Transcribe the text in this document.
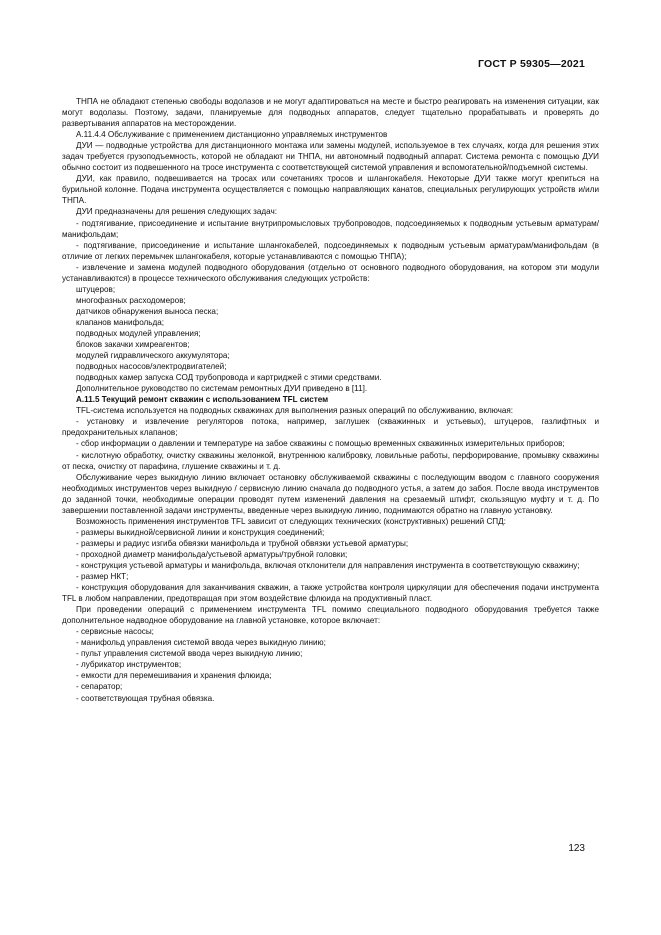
ГОСТ Р 59305—2021

ТНПА не обладают степенью свободы водолазов и не могут адаптироваться на месте и быстро реагировать на изменения ситуации, как могут водолазы. Поэтому, задачи, планируемые для подводных аппаратов, следует тщательно прорабатывать и проверять до развертывания аппаратов на месторождении.

А.11.4.4 Обслуживание с применением дистанционно управляемых инструментов

ДУИ — подводные устройства для дистанционного монтажа или замены модулей, используемое в тех случаях, когда для решения этих задач требуется грузоподъемность, которой не обладают ни ТНПА, ни автономный подводный аппарат. Система ремонта с помощью ДУИ обычно состоит из подвешенного на тросе инструмента с соответствующей системой управления и вспомогательной/подъемной системы.

ДУИ, как правило, подвешивается на тросах или сочетаниях тросов и шлангокабеля. Некоторые ДУИ также могут крепиться на бурильной колонне. Подача инструмента осуществляется с помощью направляющих канатов, специальных регулирующих устройств и/или ТНПА.

ДУИ предназначены для решения следующих задач:

- подтягивание, присоединение и испытание внутрипромысловых трубопроводов, подсоединяемых к подводным устьевым арматурам/манифольдам;

- подтягивание, присоединение и испытание шлангокабелей, подсоединяемых к подводным устьевым арматурам/манифольдам (в отличие от легких перемычек шлангокабеля, которые устанавливаются с помощью ТНПА);

- извлечение и замена модулей подводного оборудования (отдельно от основного подводного оборудования, на котором эти модули устанавливаются) в процессе технического обслуживания следующих устройств:

штуцеров;

многофазных расходомеров;

датчиков обнаружения выноса песка;

клапанов манифольда;

подводных модулей управления;

блоков закачки химреагентов;

модулей гидравлического аккумулятора;

подводных насосов/электродвигателей;

подводных камер запуска СОД трубопровода и картриджей с этими средствами.

Дополнительное руководство по системам ремонтных ДУИ приведено в [11].

А.11.5 Текущий ремонт скважин с использованием TFL систем

TFL-система используется на подводных скважинах для выполнения разных операций по обслуживанию, включая:

- установку и извлечение регуляторов потока, например, заглушек (скважинных и устьевых), штуцеров, газлифтных и предохранительных клапанов;

- сбор информации о давлении и температуре на забое скважины с помощью временных скважинных измерительных приборов;

- кислотную обработку, очистку скважины желонкой, внутреннюю калибровку, ловильные работы, перфорирование, промывку скважины от песка, очистку от парафина, глушение скважины и т. д.

Обслуживание через выкидную линию включает остановку обслуживаемой скважины с последующим вводом с главного сооружения необходимых инструментов через выкидную / сервисную линию сначала до подводного устья, а затем до забоя. После ввода инструментов до заданной точки, необходимые операции проводят путем изменений давления на срезаемый штифт, скользящую муфту и т. д. По завершении поставленной задачи инструменты, введенные через выкидную линию, поднимаются обратно на главную установку.

Возможность применения инструментов TFL зависит от следующих технических (конструктивных) решений СПД:

- размеры выкидной/сервисной линии и конструкция соединений;

- размеры и радиус изгиба обвязки манифольда и трубной обвязки устьевой арматуры;

- проходной диаметр манифольда/устьевой арматуры/трубной головки;

- конструкция устьевой арматуры и манифольда, включая отклонители для направления инструмента в соответствующую скважину;

- размер НКТ;

- конструкция оборудования для заканчивания скважин, а также устройства контроля циркуляции для обеспечения подачи инструмента TFL в любом направлении, предотвращая при этом воздействие флюида на продуктивный пласт.

При проведении операций с применением инструмента TFL помимо специального подводного оборудования требуется также дополнительное надводное оборудование на главной установке, которое включает:

- сервисные насосы;

- манифольд управления системой ввода через выкидную линию;

- пульт управления системой ввода через выкидную линию;

- лубрикатор инструментов;

- емкости для перемешивания и хранения флюида;

- сепаратор;

- соответствующая трубная обвязка.

123
